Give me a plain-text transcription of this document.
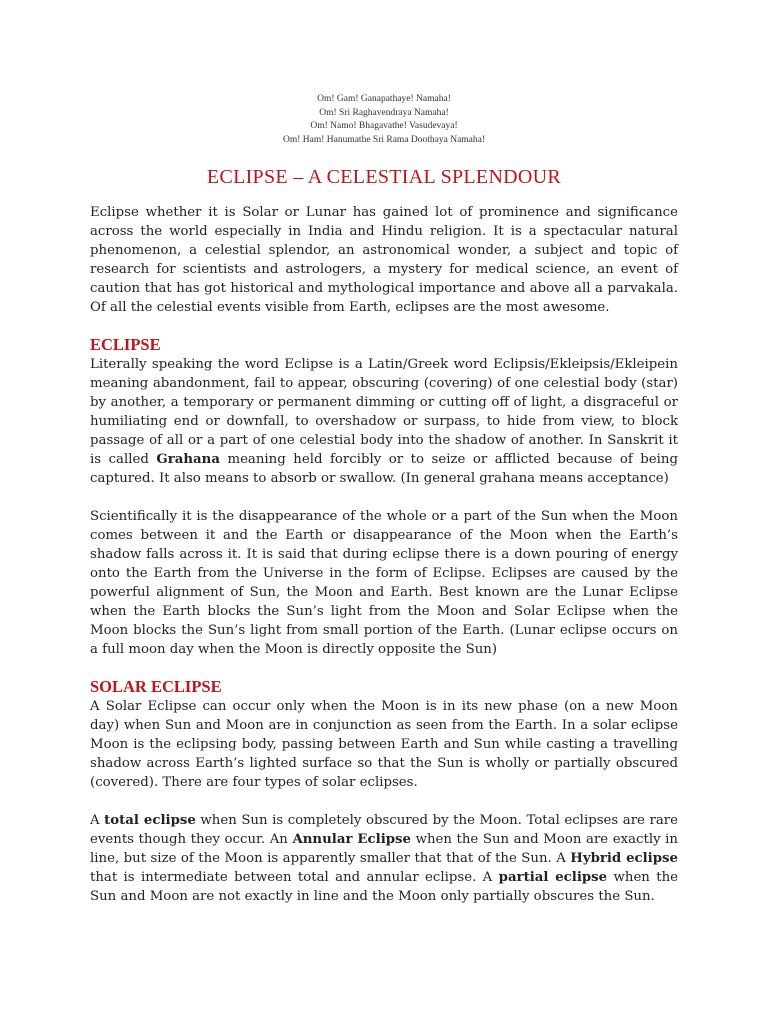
Om! Gam! Ganapathaye! Namaha!
Om! Sri Raghavendraya Namaha!
Om! Namo! Bhagavathe! Vasudevaya!
Om! Ham! Hanumathe Sri Rama Doothaya Namaha!
ECLIPSE – A CELESTIAL SPLENDOUR

Eclipse whether it is Solar or Lunar has gained lot of prominence and significance across the world especially in India and Hindu religion. It is a spectacular natural phenomenon, a celestial splendor, an astronomical wonder, a subject and topic of research for scientists and astrologers, a mystery for medical science, an event of caution that has got historical and mythological importance and above all a parvakala. Of all the celestial events visible from Earth, eclipses are the most awesome.

ECLIPSE

Literally speaking the word Eclipse is a Latin/Greek word Eclipsis/Ekleipsis/Ekleipein meaning abandonment, fail to appear, obscuring (covering) of one celestial body (star) by another, a temporary or permanent dimming or cutting off of light, a disgraceful or humiliating end or downfall, to overshadow or surpass, to hide from view, to block passage of all or a part of one celestial body into the shadow of another. In Sanskrit it is called Grahana meaning held forcibly or to seize or afflicted because of being captured. It also means to absorb or swallow. (In general grahana means acceptance)

Scientifically it is the disappearance of the whole or a part of the Sun when the Moon comes between it and the Earth or disappearance of the Moon when the Earth’s shadow falls across it. It is said that during eclipse there is a down pouring of energy onto the Earth from the Universe in the form of Eclipse. Eclipses are caused by the powerful alignment of Sun, the Moon and Earth. Best known are the Lunar Eclipse when the Earth blocks the Sun’s light from the Moon and Solar Eclipse when the Moon blocks the Sun’s light from small portion of the Earth. (Lunar eclipse occurs on a full moon day when the Moon is directly opposite the Sun)

SOLAR ECLIPSE

A Solar Eclipse can occur only when the Moon is in its new phase (on a new Moon day) when Sun and Moon are in conjunction as seen from the Earth. In a solar eclipse Moon is the eclipsing body, passing between Earth and Sun while casting a travelling shadow across Earth’s lighted surface so that the Sun is wholly or partially obscured (covered). There are four types of solar eclipses.

A total eclipse when Sun is completely obscured by the Moon. Total eclipses are rare events though they occur. An Annular Eclipse when the Sun and Moon are exactly in line, but size of the Moon is apparently smaller that that of the Sun. A Hybrid eclipse that is intermediate between total and annular eclipse. A partial eclipse when the Sun and Moon are not exactly in line and the Moon only partially obscures the Sun.
